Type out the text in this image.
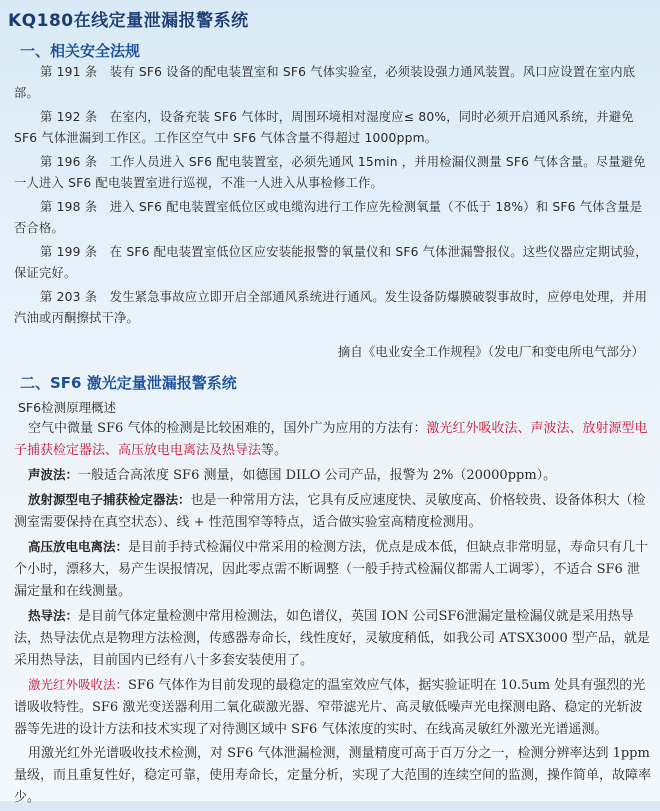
KQ180在线定量泄漏报警系统
一、相关安全法规

第 191 条　装有 SF6 设备的配电装置室和 SF6 气体实验室，必须装设强力通风装置。风口应设置在室内底部。

第 192 条　在室内，设备充装 SF6 气体时，周围环境相对湿度应≤ 80%，同时必须开启通风系统，并避免 SF6 气体泄漏到工作区。工作区空气中 SF6 气体含量不得超过 1000ppm。

第 196 条　工作人员进入 SF6 配电装置室，必须先通风 15min ，并用检漏仪测量 SF6 气体含量。尽量避免一人进入 SF6 配电装置室进行巡视，不准一人进入从事检修工作。

第 198 条　进入 SF6 配电装置室低位区或电缆沟进行工作应先检测氧量（不低于 18%）和 SF6 气体含量是否合格。

第 199 条　在 SF6 配电装置室低位区应安装能报警的氧量仪和 SF6 气体泄漏警报仪。这些仪器应定期试验，保证完好。

第 203 条　发生紧急事故应立即开启全部通风系统进行通风。发生设备防爆膜破裂事故时，应停电处理，并用汽油或丙酮擦拭干净。

摘自《电业安全工作规程》（发电厂和变电所电气部分）
二、SF6 激光定量泄漏报警系统
SF6检测原理概述

空气中微量 SF6 气体的检测是比较困难的，国外广为应用的方法有：激光红外吸收法、声波法、放射源型电子捕获检定器法、高压放电电离法及热导法等。

声波法：一般适合高浓度 SF6 测量，如德国 DILO 公司产品，报警为 2%（20000ppm）。

放射源型电子捕获检定器法：也是一种常用方法，它具有反应速度快、灵敏度高、价格较贵、设备体积大（检测室需要保持在真空状态）、线 + 性范围窄等特点，适合做实验室高精度检测用。

高压放电电离法：是目前手持式检漏仪中常采用的检测方法，优点是成本低，但缺点非常明显，寿命只有几十个小时，漂移大，易产生误报情况，因此零点需不断调整（一般手持式检漏仪都需人工调零），不适合 SF6 泄漏定量和在线测量。

热导法：是目前气体定量检测中常用检测法，如色谱仪，英国 ION 公司SF6泄漏定量检漏仪就是采用热导法，热导法优点是物理方法检测，传感器寿命长，线性度好，灵敏度稍低，如我公司 ATSX3000 型产品，就是采用热导法，目前国内已经有八十多套安装使用了。

激光红外吸收法：SF6 气体作为目前发现的最稳定的温室效应气体，据实验证明在 10.5um 处具有强烈的光谱吸收特性。SF6 激光变送器利用二氧化碳激光器、窄带滤光片、高灵敏低噪声光电探测电路、稳定的光斩波器等先进的设计方法和技术实现了对待测区域中 SF6 气体浓度的实时、在线高灵敏红外激光光谱遥测。

用激光红外光谱吸收技术检测，对 SF6 气体泄漏检测，测量精度可高于百万分之一，检测分辨率达到 1ppm 量级，而且重复性好，稳定可靠，使用寿命长，定量分析，实现了大范围的连续空间的监测，操作简单，故障率少。
